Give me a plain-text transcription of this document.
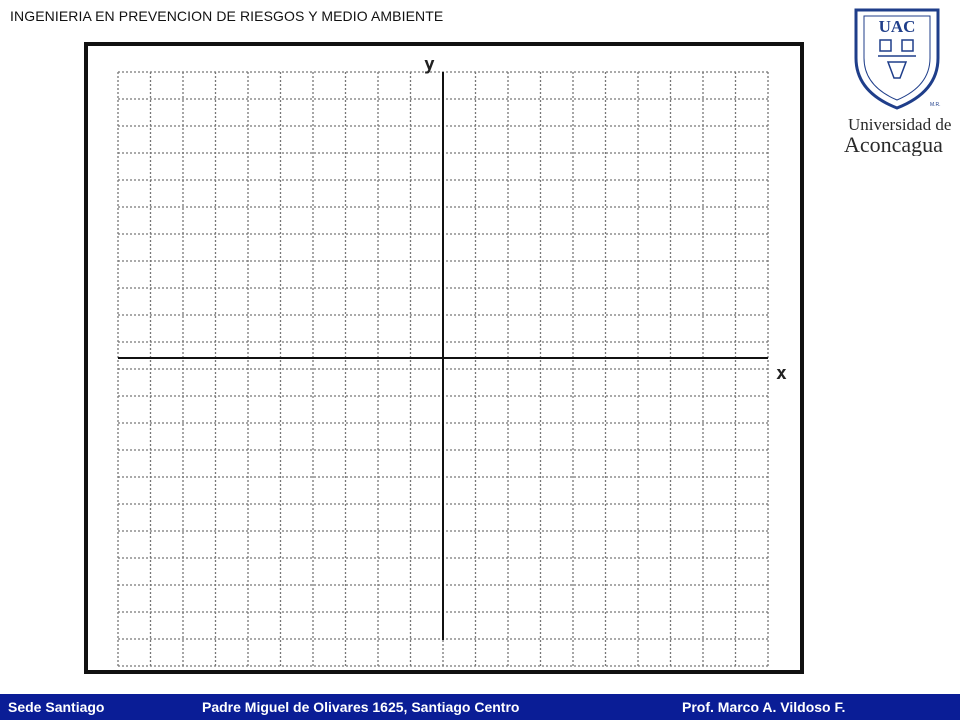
INGENIERIA EN PREVENCION DE RIESGOS Y MEDIO AMBIENTE
UAC
M.R.
Universidad de
Aconcagua
y
x
Sede Santiago	Padre Miguel de Olivares 1625, Santiago Centro	Prof. Marco A. Vildoso F.
